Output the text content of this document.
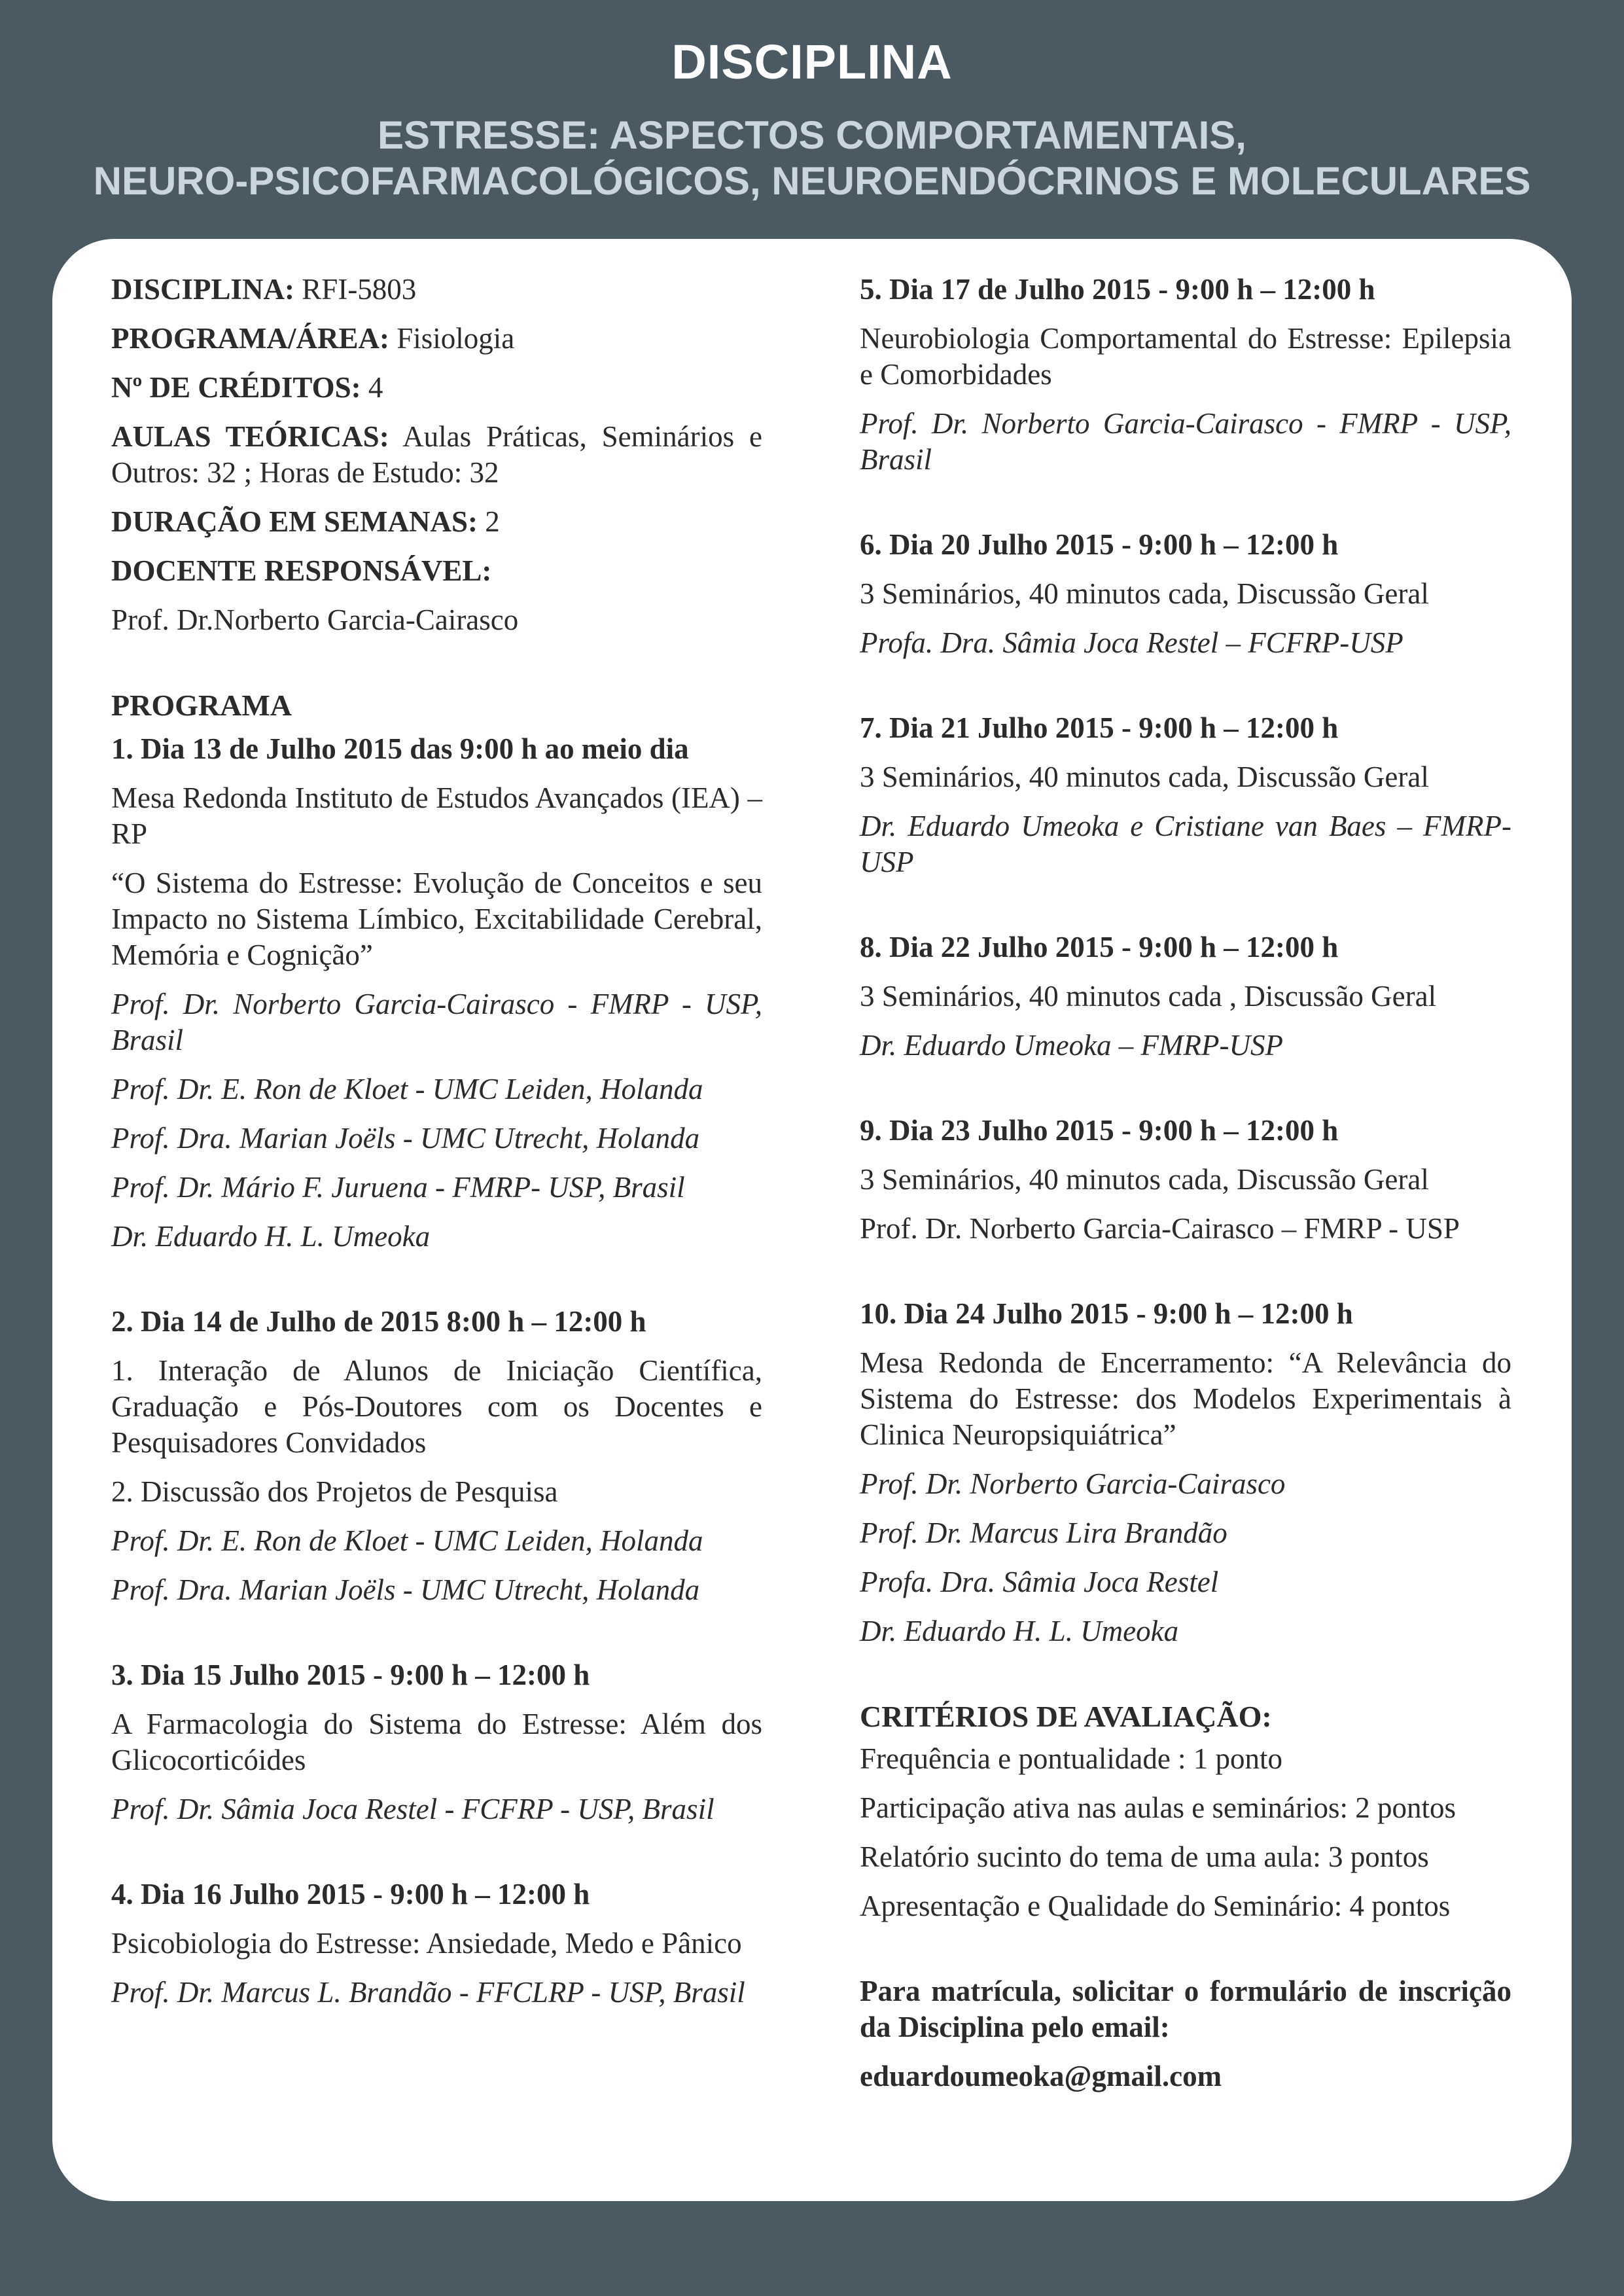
DISCIPLINA
ESTRESSE: ASPECTOS COMPORTAMENTAIS,
NEURO-PSICOFARMACOLÓGICOS, NEUROENDÓCRINOS E MOLECULARES
DISCIPLINA: RFI-5803
PROGRAMA/ÁREA: Fisiologia
Nº DE CRÉDITOS: 4
AULAS TEÓRICAS: Aulas Práticas, Seminários e Outros: 32 ; Horas de Estudo: 32
DURAÇÃO EM SEMANAS: 2
DOCENTE RESPONSÁVEL:
Prof. Dr.Norberto Garcia-Cairasco
PROGRAMA
1. Dia 13 de Julho 2015 das 9:00 h ao meio dia
Mesa Redonda Instituto de Estudos Avançados (IEA) – RP
“O Sistema do Estresse: Evolução de Conceitos e seu Impacto no Sistema Límbico, Excitabilidade Cerebral, Memória e Cognição”
Prof. Dr. Norberto Garcia-Cairasco - FMRP - USP, Brasil
Prof. Dr. E. Ron de Kloet - UMC Leiden, Holanda
Prof. Dra. Marian Joëls - UMC Utrecht, Holanda
Prof. Dr. Mário F. Juruena - FMRP- USP, Brasil
Dr. Eduardo H. L. Umeoka
2. Dia 14 de Julho de 2015 8:00 h – 12:00 h
1. Interação de Alunos de Iniciação Científica, Graduação e Pós-Doutores com os Docentes e Pesquisadores Convidados
2. Discussão dos Projetos de Pesquisa
Prof. Dr. E. Ron de Kloet - UMC Leiden, Holanda
Prof. Dra. Marian Joëls - UMC Utrecht, Holanda
3. Dia 15 Julho 2015 - 9:00 h – 12:00 h
A Farmacologia do Sistema do Estresse: Além dos Glicocorticóides
Prof. Dr. Sâmia Joca Restel - FCFRP - USP, Brasil
4. Dia 16 Julho 2015 - 9:00 h – 12:00 h
Psicobiologia do Estresse: Ansiedade, Medo e Pânico
Prof. Dr. Marcus L. Brandão - FFCLRP - USP, Brasil
5. Dia 17 de Julho 2015 - 9:00 h – 12:00 h
Neurobiologia Comportamental do Estresse: Epilepsia e Comorbidades
Prof. Dr. Norberto Garcia-Cairasco - FMRP - USP, Brasil
6. Dia 20 Julho 2015 - 9:00 h – 12:00 h
3 Seminários, 40 minutos cada, Discussão Geral
Profa. Dra. Sâmia Joca Restel – FCFRP-USP
7. Dia 21 Julho 2015 - 9:00 h – 12:00 h
3 Seminários, 40 minutos cada, Discussão Geral
Dr. Eduardo Umeoka e Cristiane van Baes – FMRP-USP
8. Dia 22 Julho 2015 - 9:00 h – 12:00 h
3 Seminários, 40 minutos cada , Discussão Geral
Dr. Eduardo Umeoka – FMRP-USP
9. Dia 23 Julho 2015 - 9:00 h – 12:00 h
3 Seminários, 40 minutos cada, Discussão Geral
Prof. Dr. Norberto Garcia-Cairasco – FMRP - USP
10. Dia 24 Julho 2015 - 9:00 h – 12:00 h
Mesa Redonda de Encerramento: “A Relevância do Sistema do Estresse: dos Modelos Experimentais à Clinica Neuropsiquiátrica”
Prof. Dr. Norberto Garcia-Cairasco
Prof. Dr. Marcus Lira Brandão
Profa. Dra. Sâmia Joca Restel
Dr. Eduardo H. L. Umeoka
CRITÉRIOS DE AVALIAÇÃO:
Frequência e pontualidade : 1 ponto
Participação ativa nas aulas e seminários: 2 pontos
Relatório sucinto do tema de uma aula: 3 pontos
Apresentação e Qualidade do Seminário: 4 pontos
Para matrícula, solicitar o formulário de inscrição da Disciplina pelo email:
eduardoumeoka@gmail.com
